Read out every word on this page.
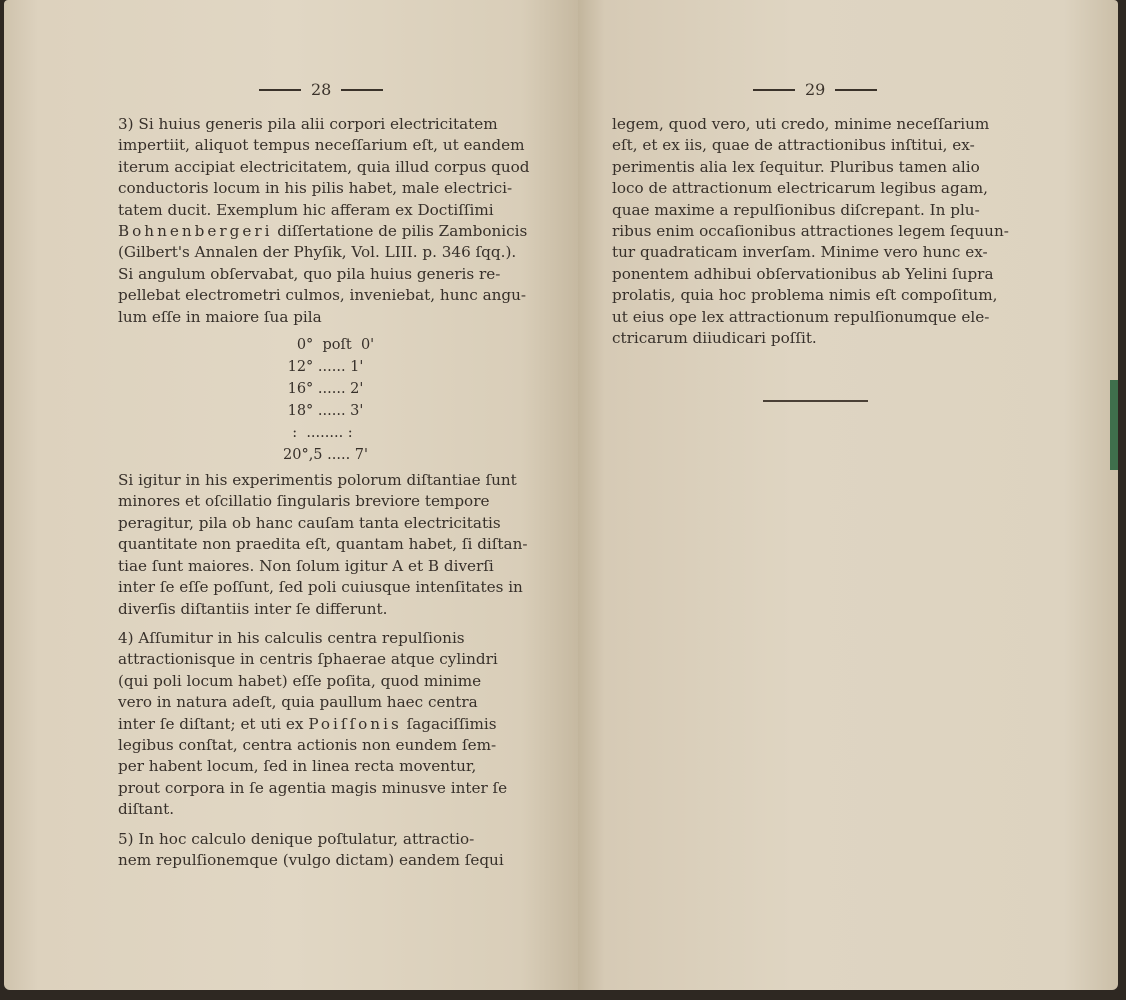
28

3) Si huius generis pila alii corpori electricitatem
impertiit, aliquot tempus neceſſarium eſt, ut eandem
iterum accipiat electricitatem, quia illud corpus quod
conductoris locum in his pilis habet, male electrici-
tatem ducit. Exemplum hic afferam ex Doctiſſimi
Bohnenbergeri diſſertatione de pilis Zambonicis
(Gilbert's Annalen der Phyſik, Vol. LIII. p. 346 ſqq.).
Si angulum obſervabat, quo pila huius generis re-
pellebat electrometri culmos, inveniebat, hunc angu-
lum eſſe in maiore ſua pila

0°  poſt  0'
12° ...... 1'
16° ...... 2'
18° ...... 3'
:  ........ :
20°,5 ..... 7'

Si igitur in his experimentis polorum diſtantiae ſunt
minores et oſcillatio ſingularis breviore tempore
peragitur, pila ob hanc cauſam tanta electricitatis
quantitate non praedita eſt, quantam habet, ſi diſtan-
tiae ſunt maiores. Non ſolum igitur A et B diverſi
inter ſe eſſe poſſunt, ſed poli cuiusque intenſitates in
diverſis diſtantiis inter ſe differunt.

4) Aſſumitur in his calculis centra repulſionis
attractionisque in centris ſphaerae atque cylindri
(qui poli locum habet) eſſe poſita, quod minime
vero in natura adeſt, quia paullum haec centra
inter ſe diſtant; et uti ex Poiſſonis ſagaciſſimis
legibus conſtat, centra actionis non eundem ſem-
per habent locum, ſed in linea recta moventur,
prout corpora in ſe agentia magis minusve inter ſe
diſtant.

5) In hoc calculo denique poſtulatur, attractio-
nem repulſionemque (vulgo dictam) eandem ſequi

29

legem, quod vero, uti credo, minime neceſſarium
eſt, et ex iis, quae de attractionibus inſtitui, ex-
perimentis alia lex ſequitur. Pluribus tamen alio
loco de attractionum electricarum legibus agam,
quae maxime a repulſionibus diſcrepant. In plu-
ribus enim occaſionibus attractiones legem ſequun-
tur quadraticam inverſam. Minime vero hunc ex-
ponentem adhibui obſervationibus ab Yelini ſupra
prolatis, quia hoc problema nimis eſt compoſitum,
ut eius ope lex attractionum repulſionumque ele-
ctricarum diiudicari poſſit.
